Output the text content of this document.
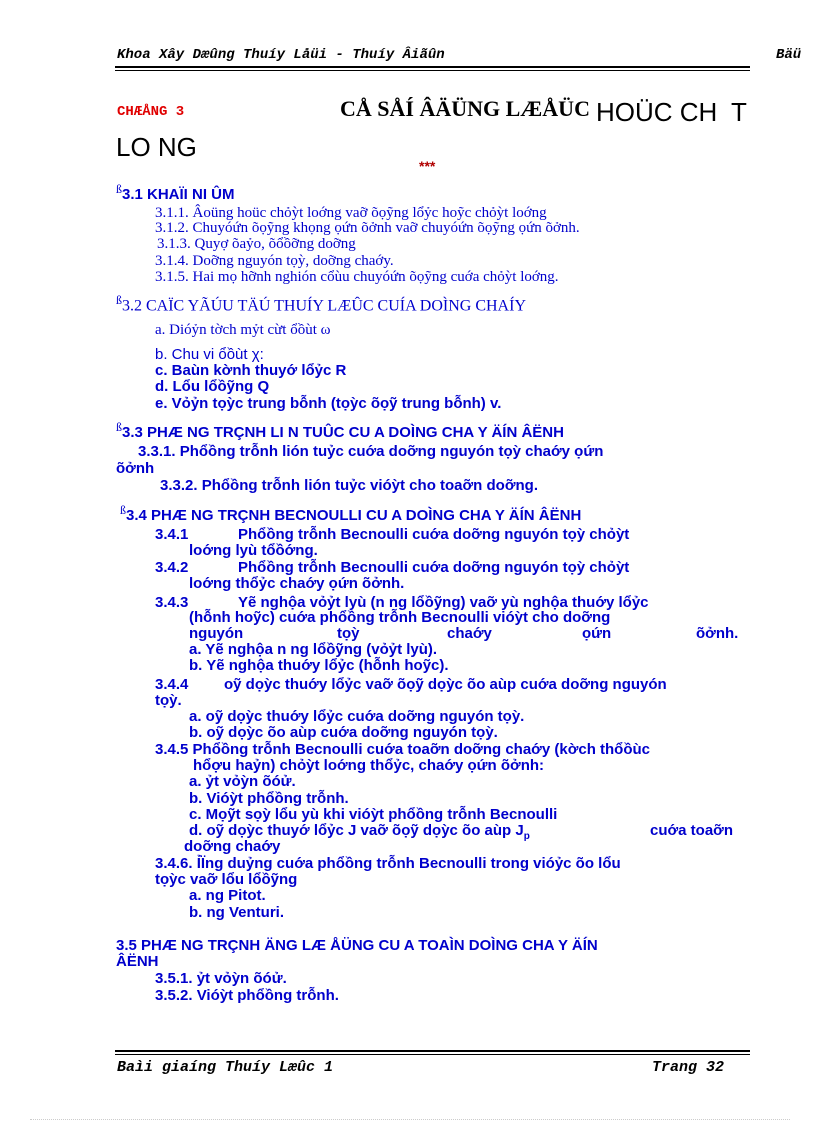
Khoa Xây Dæûng Thuíy Låüi - Thuíy Âiãûn	Bäü
CHÆÅNG 3	CÅ SÅÍ ÂÄÜNG LÆÅÜC HOÜC CH T
LO NG
***
$^ß$3.1 KHAÏI NI ÛM
3.1.1. Âoüng hoüc chỏỳt loớng vaỡ õọỹng lổỷc hoỹc chỏỳt loớng
3.1.2. Chuyóứn õọỹng khọng ọứn õởnh vaỡ chuyóứn õọỹng ọứn õởnh.
3.1.3. Quyợ õaỷo, õổồỡng doỡng
3.1.4. Doỡng nguyón tọỳ, doỡng chaớy.
3.1.5. Hai mọ hỡnh nghión cổùu chuyóứn õọỹng cuớa chỏỳt loớng.
$^ß$3.2 CAÏC YÃÚU TÄÚ THUÍY LÆÛC CUÍA DOÌNG CHAÍY
a. Dióỷn tờch mỷt cừt ổồùt ω
b. Chu vi ổồùt χ:
c. Baùn kờnh thuyớ lổỷc R
d. Lổu lổồỹng Q
e. Vỏỷn tọỳc trung bỗnh (tọỳc õọỹ trung bỗnh) v.
$^ß$3.3 PHÆ NG TRÇNH LI N TUÛC CU A DOÌNG CHA Y ÄÍN ÂËNH
3.3.1. Phổồng trỗnh lión tuỷc cuớa doỡng nguyón tọỳ chaớy ọứn
õởnh
3.3.2. Phổồng trỗnh lión tuỷc vióỳt cho toaỡn doỡng.
$^ß$3.4 PHÆ NG TRÇNH BECNOULLI CU A DOÌNG CHA Y ÄÍN ÂËNH
3.4.1	Phổồng trỗnh Becnoulli cuớa doỡng nguyón tọỳ chỏỳt
loớng lyù tổồớng.
3.4.2	Phổồng trỗnh Becnoulli cuớa doỡng nguyón tọỳ chỏỳt
loớng thổỷc chaớy ọứn õởnh.
3.4.3	Yẽ nghộa vỏỷt lyù (n ng lổồỹng) vaỡ yù nghộa thuớy lổỷc
(hỗnh hoỹc) cuớa phổồng trỗnh Becnoulli vióỳt cho doỡng
nguyón	tọỳ	chaớy	ọứn	õởnh.
a. Yẽ nghộa n ng lổồỹng (vỏỷt lyù).
b. Yẽ nghộa thuớy lổỷc (hỗnh hoỹc).
3.4.4 oỹ dọỳc thuớy lổỷc vaỡ õọỹ dọỳc õo aùp cuớa doỡng nguyón
tọỳ.
a. oỹ dọỳc thuớy lổỷc cuớa doỡng nguyón tọỳ.
b. oỹ dọỳc õo aùp cuớa doỡng nguyón tọỳ.
3.4.5 Phổồng trỗnh Becnoulli cuớa toaỡn doỡng chaớy (kờch thổồùc
hổợu haỷn) chỏỳt loớng thổỷc, chaớy ọứn õởnh:
a. ỷt vỏỳn õóử.
b. Vióỳt phổồng trỗnh.
c. Mọỹt sọỳ lổu yù khi vióỳt phổồng trỗnh Becnoulli
d. oỹ dọỳc thuyớ lổỷc J vaỡ õọỹ dọỳc õo aùp $J_p$	cuớa toaỡn
doỡng chaớy
3.4.6. ỈÏng duỷng cuớa phổồng trỗnh Becnoulli trong vióỷc õo lổu
tọỳc vaỡ lổu lổồỹng
a. ng Pitot.
b. ng Venturi.
3.5 PHÆ NG TRÇNH ÄNG LÆ ÅÜNG CU A TOAÌN DOÌNG CHA Y ÄÍN
ÂËNH
3.5.1. ỷt vỏỳn õóử.
3.5.2. Vióỳt phổồng trỗnh.
Baìi giaíng Thuíy Læûc 1	Trang 32
